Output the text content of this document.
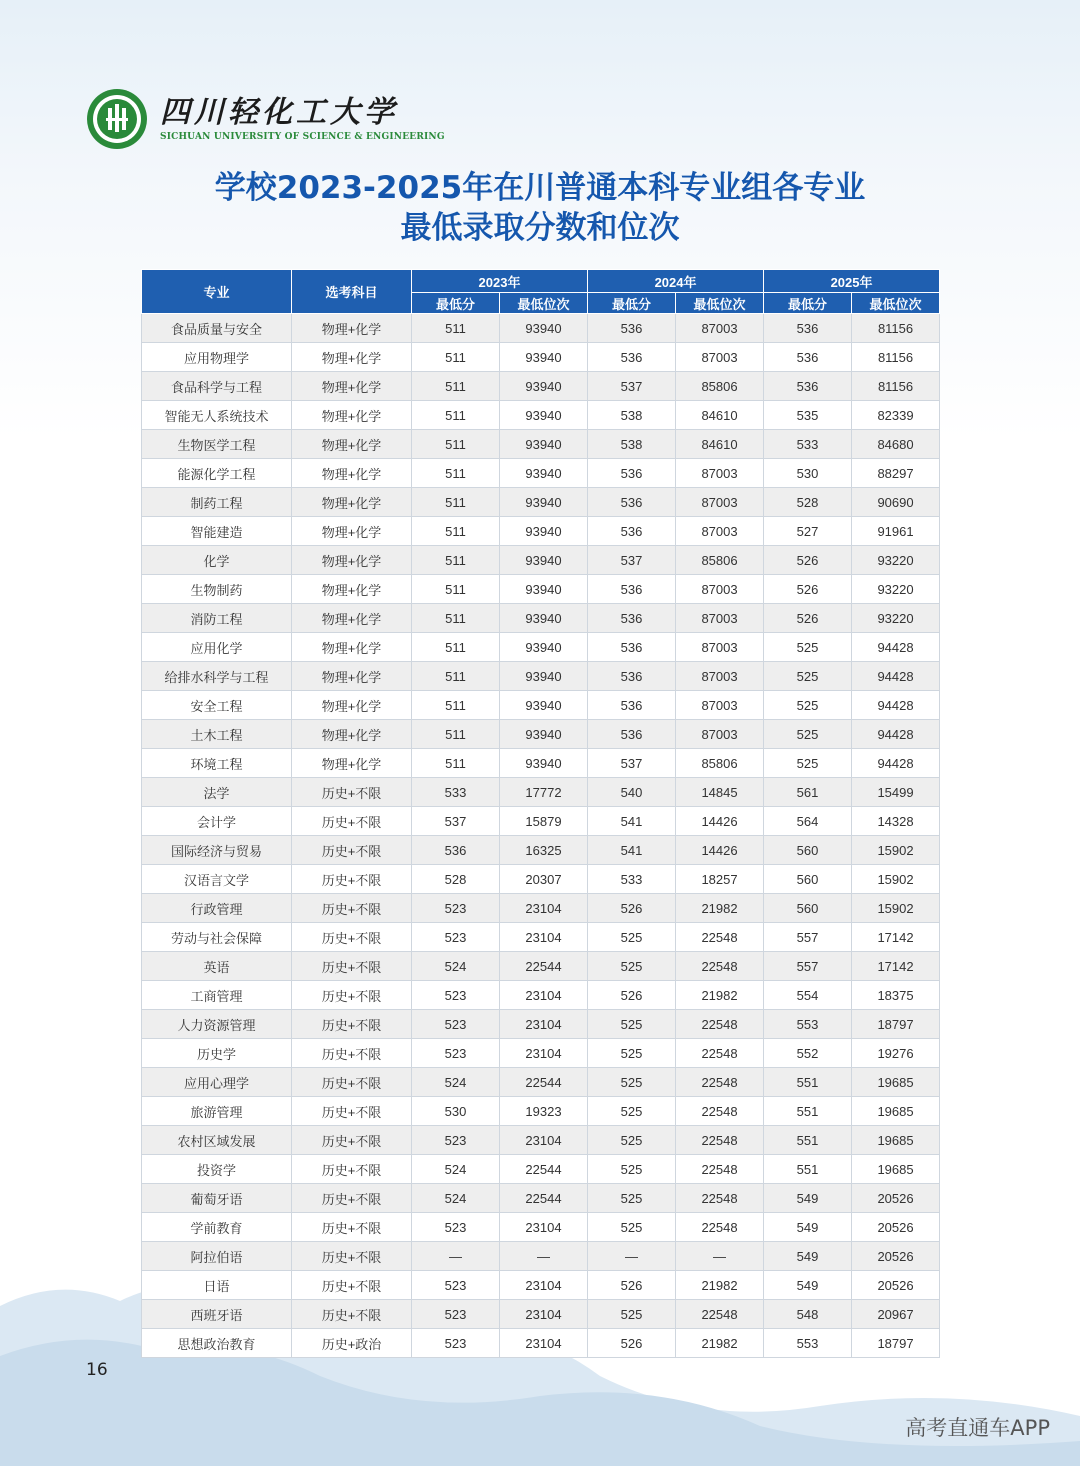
四川轻化工大学
SICHUAN UNIVERSITY OF SCIENCE & ENGINEERING
学校2023-2025年在川普通本科专业组各专业
最低录取分数和位次
专业	选考科目	2023年		2024年		2025年	
		最低分	最低位次	最低分	最低位次	最低分	最低位次
食品质量与安全	物理+化学	511	93940	536	87003	536	81156
应用物理学	物理+化学	511	93940	536	87003	536	81156
食品科学与工程	物理+化学	511	93940	537	85806	536	81156
智能无人系统技术	物理+化学	511	93940	538	84610	535	82339
生物医学工程	物理+化学	511	93940	538	84610	533	84680
能源化学工程	物理+化学	511	93940	536	87003	530	88297
制药工程	物理+化学	511	93940	536	87003	528	90690
智能建造	物理+化学	511	93940	536	87003	527	91961
化学	物理+化学	511	93940	537	85806	526	93220
生物制药	物理+化学	511	93940	536	87003	526	93220
消防工程	物理+化学	511	93940	536	87003	526	93220
应用化学	物理+化学	511	93940	536	87003	525	94428
给排水科学与工程	物理+化学	511	93940	536	87003	525	94428
安全工程	物理+化学	511	93940	536	87003	525	94428
土木工程	物理+化学	511	93940	536	87003	525	94428
环境工程	物理+化学	511	93940	537	85806	525	94428
法学	历史+不限	533	17772	540	14845	561	15499
会计学	历史+不限	537	15879	541	14426	564	14328
国际经济与贸易	历史+不限	536	16325	541	14426	560	15902
汉语言文学	历史+不限	528	20307	533	18257	560	15902
行政管理	历史+不限	523	23104	526	21982	560	15902
劳动与社会保障	历史+不限	523	23104	525	22548	557	17142
英语	历史+不限	524	22544	525	22548	557	17142
工商管理	历史+不限	523	23104	526	21982	554	18375
人力资源管理	历史+不限	523	23104	525	22548	553	18797
历史学	历史+不限	523	23104	525	22548	552	19276
应用心理学	历史+不限	524	22544	525	22548	551	19685
旅游管理	历史+不限	530	19323	525	22548	551	19685
农村区域发展	历史+不限	523	23104	525	22548	551	19685
投资学	历史+不限	524	22544	525	22548	551	19685
葡萄牙语	历史+不限	524	22544	525	22548	549	20526
学前教育	历史+不限	523	23104	525	22548	549	20526
阿拉伯语	历史+不限	—	—	—	—	549	20526
日语	历史+不限	523	23104	526	21982	549	20526
西班牙语	历史+不限	523	23104	525	22548	548	20967
思想政治教育	历史+政治	523	23104	526	21982	553	18797
16
高考直通车APP
